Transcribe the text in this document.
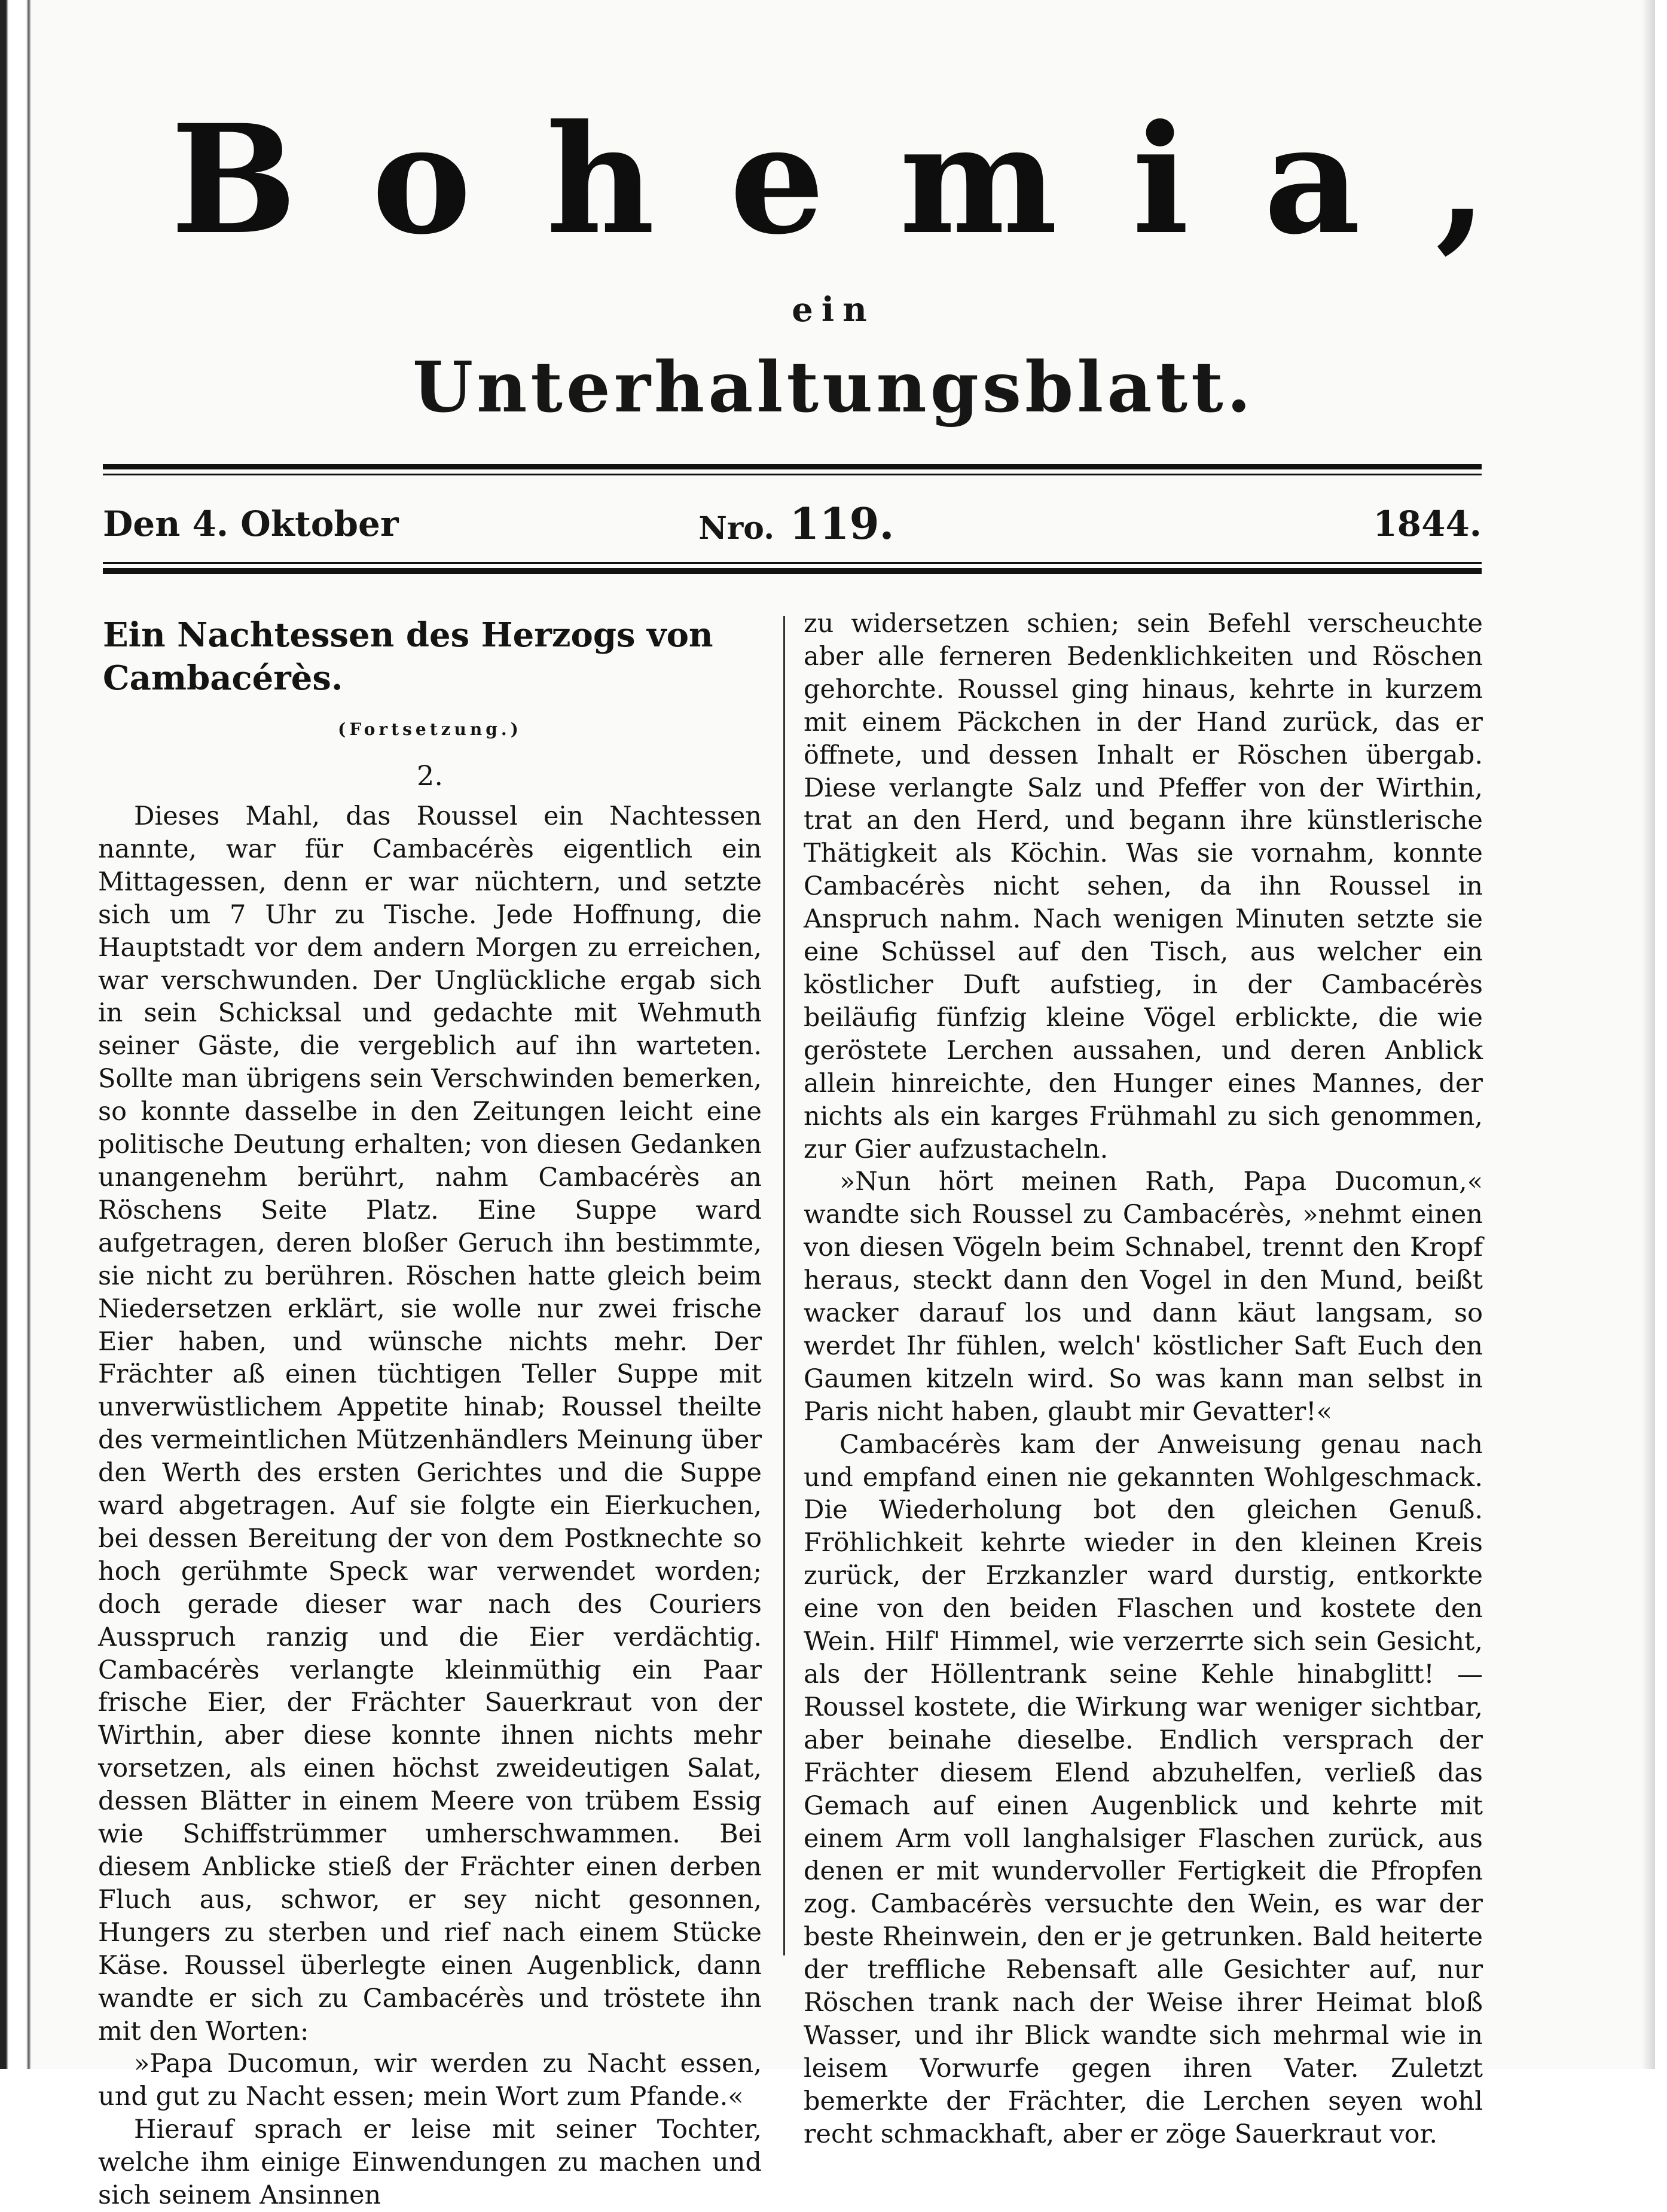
Bohemia,
ein
Unterhaltungsblatt.
Den 4. Oktober	Nro. 119.	1844.
Ein Nachtessen des Herzogs von Cambacérès.
(Fortsetzung.)
2.

Dieses Mahl, das Roussel ein Nachtessen nannte, war für Cambacérès eigentlich ein Mittagessen, denn er war nüchtern, und setzte sich um 7 Uhr zu Tische. Jede Hoffnung, die Hauptstadt vor dem andern Morgen zu erreichen, war verschwunden. Der Unglückliche ergab sich in sein Schicksal und gedachte mit Wehmuth seiner Gäste, die vergeblich auf ihn warteten. Sollte man übrigens sein Verschwinden bemerken, so konnte dasselbe in den Zeitungen leicht eine politische Deutung erhalten; von diesen Gedanken unangenehm berührt, nahm Cambacérès an Röschens Seite Platz. Eine Suppe ward aufgetragen, deren bloßer Geruch ihn bestimmte, sie nicht zu berühren. Röschen hatte gleich beim Niedersetzen erklärt, sie wolle nur zwei frische Eier haben, und wünsche nichts mehr. Der Frächter aß einen tüchtigen Teller Suppe mit unverwüstlichem Appetite hinab; Roussel theilte des vermeintlichen Mützenhändlers Meinung über den Werth des ersten Gerichtes und die Suppe ward abgetragen. Auf sie folgte ein Eierkuchen, bei dessen Bereitung der von dem Postknechte so hoch gerühmte Speck war verwendet worden; doch gerade dieser war nach des Couriers Ausspruch ranzig und die Eier verdächtig. Cambacérès verlangte kleinmüthig ein Paar frische Eier, der Frächter Sauerkraut von der Wirthin, aber diese konnte ihnen nichts mehr vorsetzen, als einen höchst zweideutigen Salat, dessen Blätter in einem Meere von trübem Essig wie Schiffstrümmer umherschwammen. Bei diesem Anblicke stieß der Frächter einen derben Fluch aus, schwor, er sey nicht gesonnen, Hungers zu sterben und rief nach einem Stücke Käse. Roussel überlegte einen Augenblick, dann wandte er sich zu Cambacérès und tröstete ihn mit den Worten:

»Papa Ducomun, wir werden zu Nacht essen, und gut zu Nacht essen; mein Wort zum Pfande.«

Hierauf sprach er leise mit seiner Tochter, welche ihm einige Einwendungen zu machen und sich seinem Ansinnen

zu widersetzen schien; sein Befehl verscheuchte aber alle ferneren Bedenklichkeiten und Röschen gehorchte. Roussel ging hinaus, kehrte in kurzem mit einem Päckchen in der Hand zurück, das er öffnete, und dessen Inhalt er Röschen übergab. Diese verlangte Salz und Pfeffer von der Wirthin, trat an den Herd, und begann ihre künstlerische Thätigkeit als Köchin. Was sie vornahm, konnte Cambacérès nicht sehen, da ihn Roussel in Anspruch nahm. Nach wenigen Minuten setzte sie eine Schüssel auf den Tisch, aus welcher ein köstlicher Duft aufstieg, in der Cambacérès beiläufig fünfzig kleine Vögel erblickte, die wie geröstete Lerchen aussahen, und deren Anblick allein hinreichte, den Hunger eines Mannes, der nichts als ein karges Frühmahl zu sich genommen, zur Gier aufzustacheln.

»Nun hört meinen Rath, Papa Ducomun,« wandte sich Roussel zu Cambacérès, »nehmt einen von diesen Vögeln beim Schnabel, trennt den Kropf heraus, steckt dann den Vogel in den Mund, beißt wacker darauf los und dann käut langsam, so werdet Ihr fühlen, welch' köstlicher Saft Euch den Gaumen kitzeln wird. So was kann man selbst in Paris nicht haben, glaubt mir Gevatter!«

Cambacérès kam der Anweisung genau nach und empfand einen nie gekannten Wohlgeschmack. Die Wiederholung bot den gleichen Genuß. Fröhlichkeit kehrte wieder in den kleinen Kreis zurück, der Erzkanzler ward durstig, entkorkte eine von den beiden Flaschen und kostete den Wein. Hilf' Himmel, wie verzerrte sich sein Gesicht, als der Höllentrank seine Kehle hinabglitt! — Roussel kostete, die Wirkung war weniger sichtbar, aber beinahe dieselbe. Endlich versprach der Frächter diesem Elend abzuhelfen, verließ das Gemach auf einen Augenblick und kehrte mit einem Arm voll langhalsiger Flaschen zurück, aus denen er mit wundervoller Fertigkeit die Pfropfen zog. Cambacérès versuchte den Wein, es war der beste Rheinwein, den er je getrunken. Bald heiterte der treffliche Rebensaft alle Gesichter auf, nur Röschen trank nach der Weise ihrer Heimat bloß Wasser, und ihr Blick wandte sich mehrmal wie in leisem Vorwurfe gegen ihren Vater. Zuletzt bemerkte der Frächter, die Lerchen seyen wohl recht schmackhaft, aber er zöge Sauerkraut vor.
